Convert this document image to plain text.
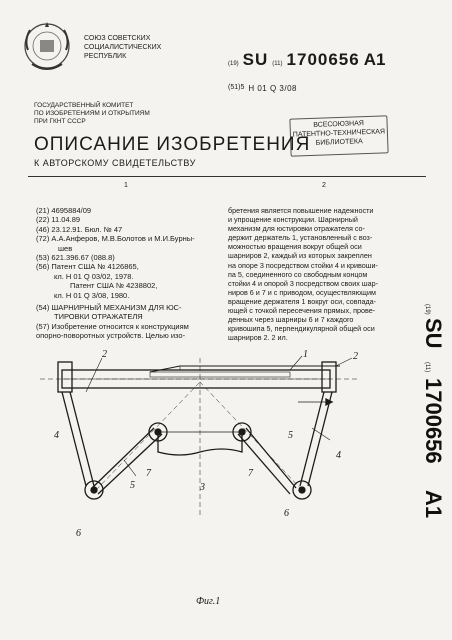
СОЮЗ СОВЕТСКИХ
СОЦИАЛИСТИЧЕСКИХ
РЕСПУБЛИК
(19) SU (11) 1700656 A1
(51)5 H 01 Q 3/08
ГОСУДАРСТВЕННЫЙ КОМИТЕТ
ПО ИЗОБРЕТЕНИЯМ И ОТКРЫТИЯМ
ПРИ ГКНТ СССР	ВСЕСОЮЗНАЯ
ПАТЕНТНО-ТЕХНИЧЕСКАЯ
БИБЛИОТЕКА
ОПИСАНИЕ ИЗОБРЕТЕНИЯ
К АВТОРСКОМУ СВИДЕТЕЛЬСТВУ
1	2
(21) 4695884/09
(22) 11.04.89
(46) 23.12.91. Бюл. № 47
(72) А.А.Анферов, М.В.Болотов и М.И.Бурны-
шев
(53) 621.396.67 (088.8)
(56) Патент США № 4126865,
кл. Н 01 Q 03/02, 1978.
Патент США № 4238802,
кл. Н 01 Q 3/08, 1980.
(54) ШАРНИРНЫЙ МЕХАНИЗМ ДЛЯ ЮС-
ТИРОВКИ ОТРАЖАТЕЛЯ
(57) Изобретение относится к конструкциям
опорно-поворотных устройств. Целью изо-
бретения является повышение надежности
и упрощение конструкции. Шарнирный
механизм для юстировки отражателя со-
держит держатель 1, установленный с воз-
можностью вращения вокруг общей оси
шарниров 2, каждый из которых закреплен
на опоре 3 посредством стойки 4 и кривоши-
па 5, соединенного со свободным концом
стойки 4 и опорой 3 посредством своих шар-
ниров 6 и 7 и с приводом, осуществляющим
вращение держателя 1 вокруг оси, совпада-
ющей с точкой пересечения прямых, прове-
денных через шарниры 6 и 7 каждого
кривошипа 5, перпендикулярной общей оси
шарниров 2. 2 ил.
(19)
SU
(11)
1700656
A1
1	2
2
3
4
4
5
5
6
6
7	7
Фиг.1
